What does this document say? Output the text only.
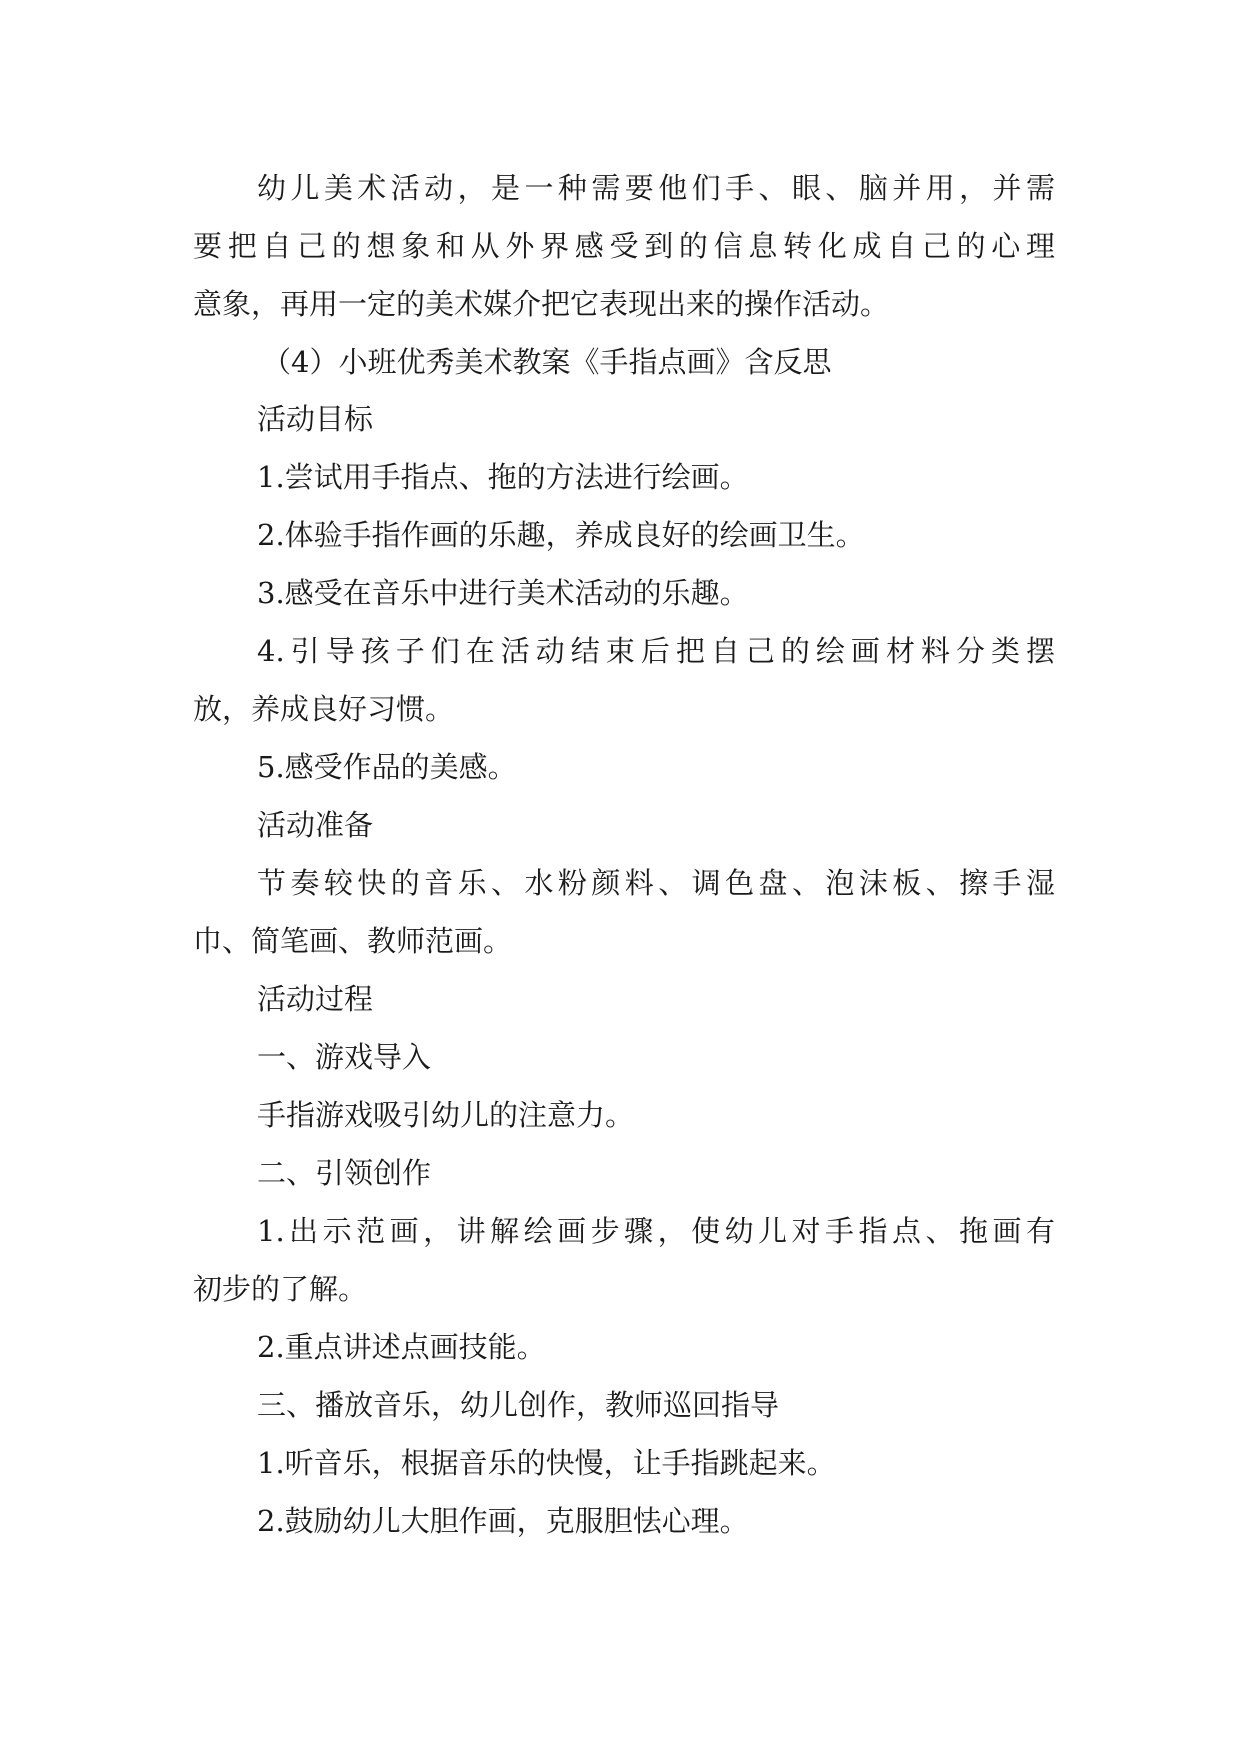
幼儿美术活动，是一种需要他们手、眼、脑并用，并需
要把自己的想象和从外界感受到的信息转化成自己的心理
意象，再用一定的美术媒介把它表现出来的操作活动。
（4）小班优秀美术教案《手指点画》含反思
活动目标
1.尝试用手指点、拖的方法进行绘画。
2.体验手指作画的乐趣，养成良好的绘画卫生。
3.感受在音乐中进行美术活动的乐趣。
4.引导孩子们在活动结束后把自己的绘画材料分类摆
放，养成良好习惯。
5.感受作品的美感。
活动准备
节奏较快的音乐、水粉颜料、调色盘、泡沫板、擦手湿
巾、简笔画、教师范画。
活动过程
一、游戏导入
手指游戏吸引幼儿的注意力。
二、引领创作
1.出示范画，讲解绘画步骤，使幼儿对手指点、拖画有
初步的了解。
2.重点讲述点画技能。
三、播放音乐，幼儿创作，教师巡回指导
1.听音乐，根据音乐的快慢，让手指跳起来。
2.鼓励幼儿大胆作画，克服胆怯心理。
